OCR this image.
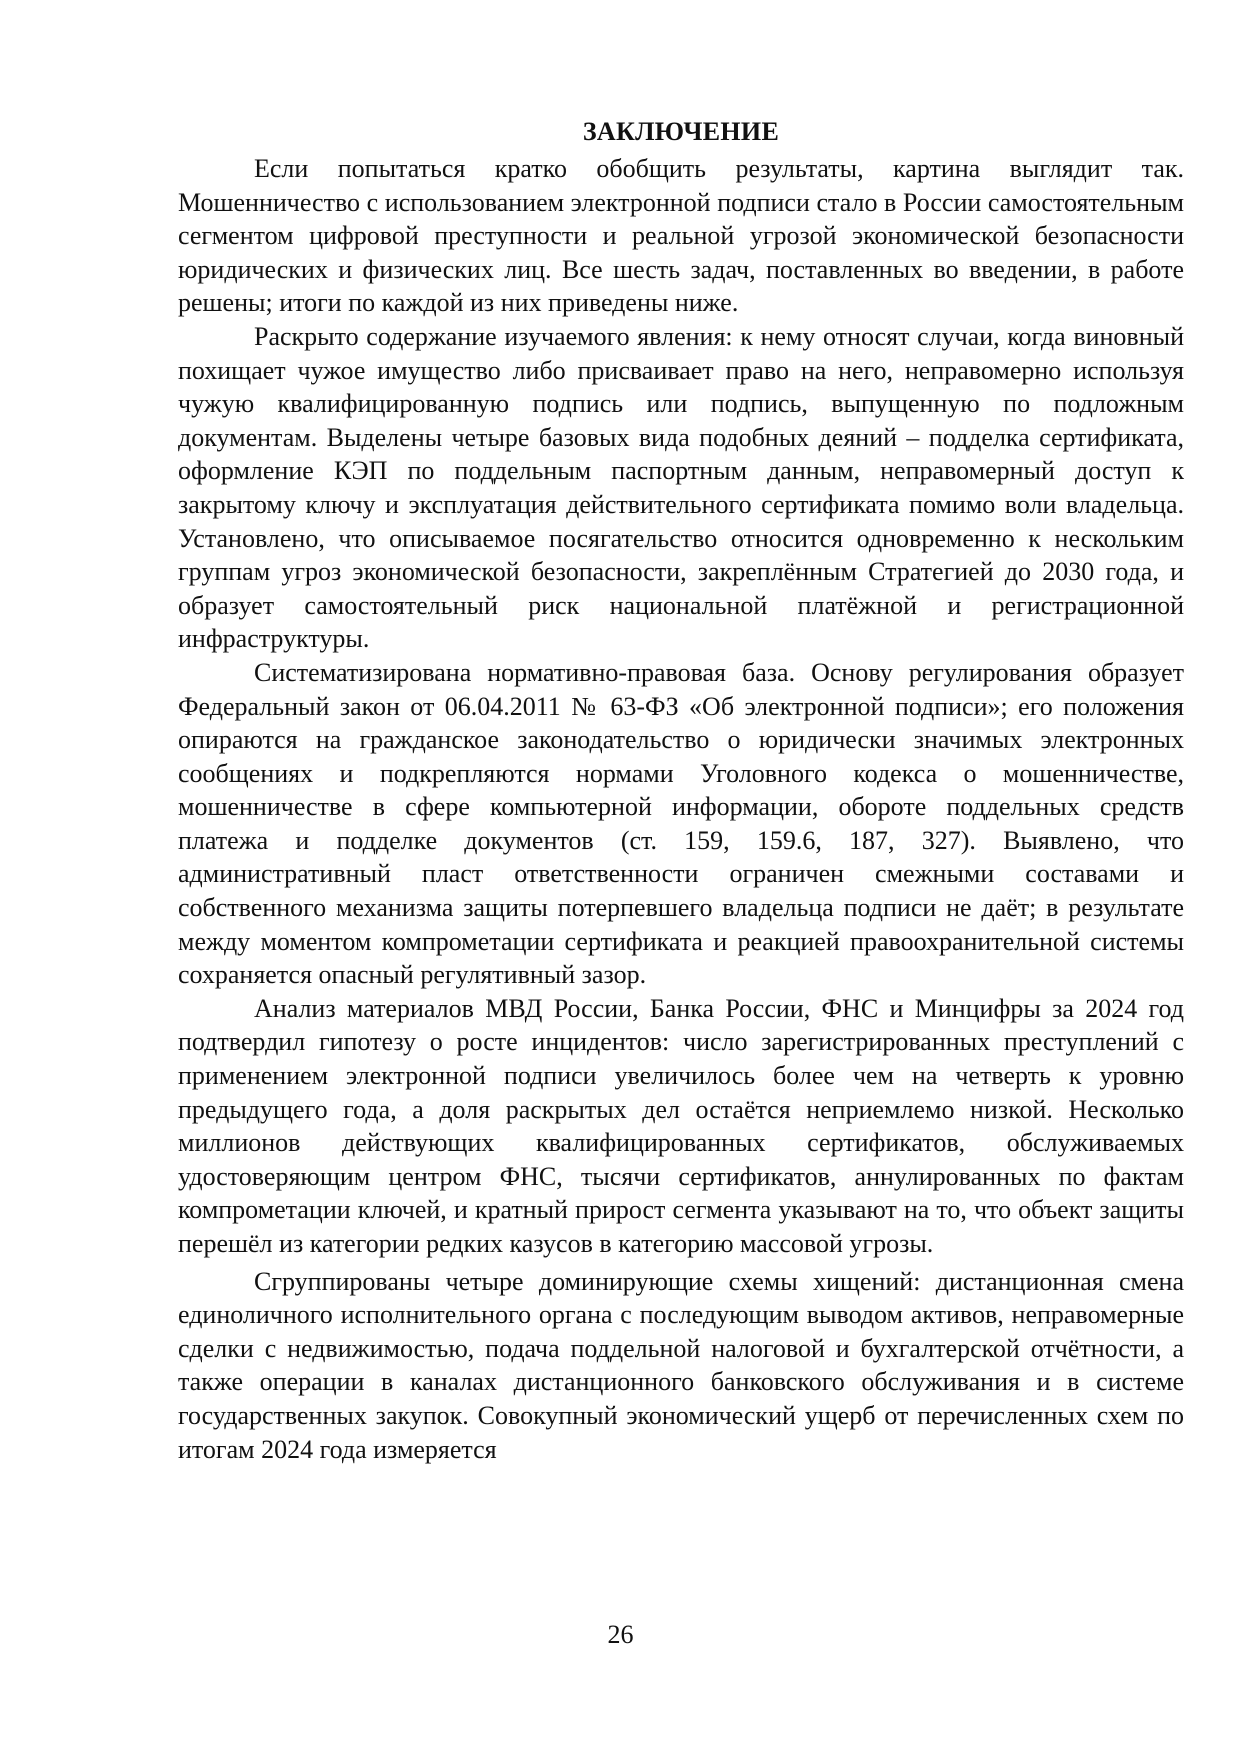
ЗАКЛЮЧЕНИЕ

Если попытаться кратко обобщить результаты, картина выглядит так. Мошенничество с использованием электронной подписи стало в России самостоятельным сегментом цифровой преступности и реальной угрозой экономической безопасности юридических и физических лиц. Все шесть задач, поставленных во введении, в работе решены; итоги по каждой из них приведены ниже.

Раскрыто содержание изучаемого явления: к нему относят случаи, когда виновный похищает чужое имущество либо присваивает право на него, неправомерно используя чужую квалифицированную подпись или подпись, выпущенную по подложным документам. Выделены четыре базовых вида подобных деяний – подделка сертификата, оформление КЭП по поддельным паспортным данным, неправомерный доступ к закрытому ключу и эксплуатация действительного сертификата помимо воли владельца. Установлено, что описываемое посягательство относится одновременно к нескольким группам угроз экономической безопасности, закреплённым Стратегией до 2030 года, и образует самостоятельный риск национальной платёжной и регистрационной инфраструктуры.

Систематизирована нормативно-правовая база. Основу регулирования образует Федеральный закон от 06.04.2011 № 63-ФЗ «Об электронной подписи»; его положения опираются на гражданское законодательство о юридически значимых электронных сообщениях и подкрепляются нормами Уголовного кодекса о мошенничестве, мошенничестве в сфере компьютерной информации, обороте поддельных средств платежа и подделке документов (ст. 159, 159.6, 187, 327). Выявлено, что административный пласт ответственности ограничен смежными составами и собственного механизма защиты потерпевшего владельца подписи не даёт; в результате между моментом компрометации сертификата и реакцией правоохранительной системы сохраняется опасный регулятивный зазор.

Анализ материалов МВД России, Банка России, ФНС и Минцифры за 2024 год подтвердил гипотезу о росте инцидентов: число зарегистрированных преступлений с применением электронной подписи увеличилось более чем на четверть к уровню предыдущего года, а доля раскрытых дел остаётся неприемлемо низкой. Несколько миллионов действующих квалифицированных сертификатов, обслуживаемых удостоверяющим центром ФНС, тысячи сертификатов, аннулированных по фактам компрометации ключей, и кратный прирост сегмента указывают на то, что объект защиты перешёл из категории редких казусов в категорию массовой угрозы.

Сгруппированы четыре доминирующие схемы хищений: дистанционная смена единоличного исполнительного органа с последующим выводом активов, неправомерные сделки с недвижимостью, подача поддельной налоговой и бухгалтерской отчётности, а также операции в каналах дистанционного банковского обслуживания и в системе государственных закупок. Совокупный экономический ущерб от перечисленных схем по итогам 2024 года измеряется

26
